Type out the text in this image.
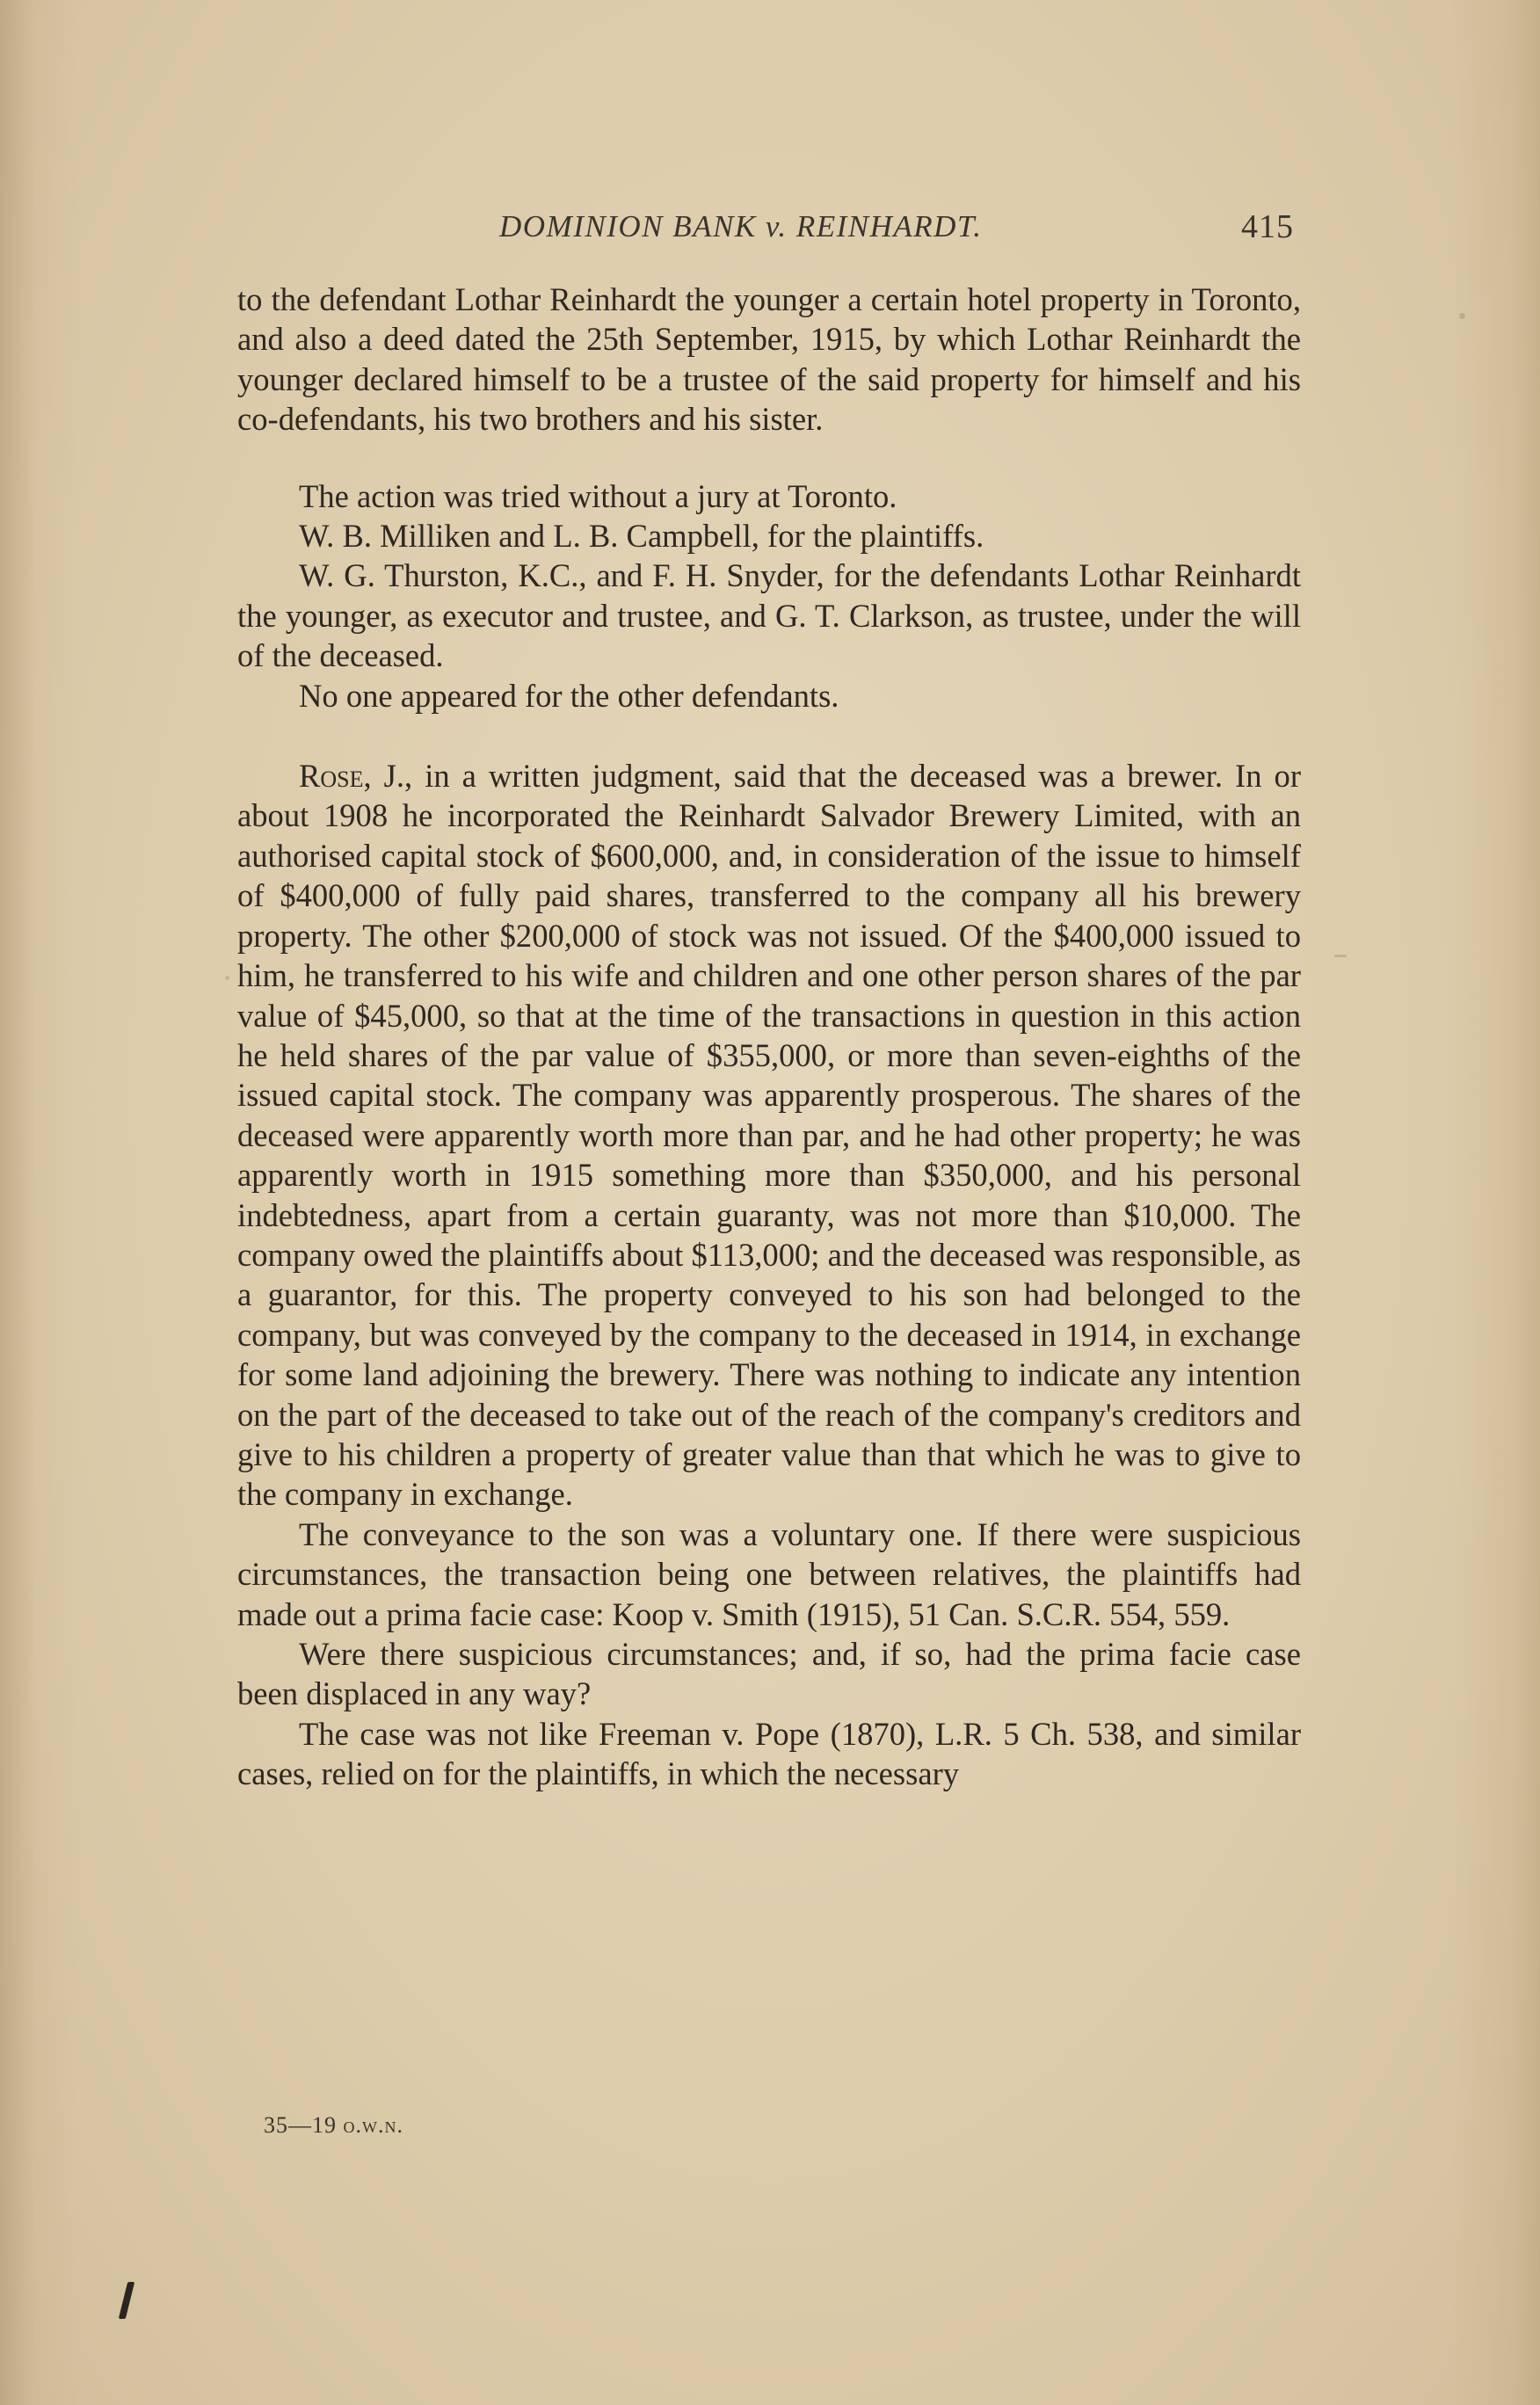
DOMINION BANK v. REINHARDT.	415

to the defendant Lothar Reinhardt the younger a certain hotel property in Toronto, and also a deed dated the 25th September, 1915, by which Lothar Reinhardt the younger declared himself to be a trustee of the said property for himself and his co-defendants, his two brothers and his sister.

The action was tried without a jury at Toronto.

W. B. Milliken and L. B. Campbell, for the plaintiffs.

W. G. Thurston, K.C., and F. H. Snyder, for the defendants Lothar Reinhardt the younger, as executor and trustee, and G. T. Clarkson, as trustee, under the will of the deceased.

No one appeared for the other defendants.

Rose, J., in a written judgment, said that the deceased was a brewer. In or about 1908 he incorporated the Reinhardt Salvador Brewery Limited, with an authorised capital stock of $600,000, and, in consideration of the issue to himself of $400,000 of fully paid shares, transferred to the company all his brewery property. The other $200,000 of stock was not issued. Of the $400,000 issued to him, he transferred to his wife and children and one other person shares of the par value of $45,000, so that at the time of the transactions in question in this action he held shares of the par value of $355,000, or more than seven-eighths of the issued capital stock. The company was apparently prosperous. The shares of the deceased were apparently worth more than par, and he had other property; he was apparently worth in 1915 something more than $350,000, and his personal indebtedness, apart from a certain guaranty, was not more than $10,000. The company owed the plaintiffs about $113,000; and the deceased was responsible, as a guarantor, for this. The property conveyed to his son had belonged to the company, but was conveyed by the company to the deceased in 1914, in exchange for some land adjoining the brewery. There was nothing to indicate any intention on the part of the deceased to take out of the reach of the company's creditors and give to his children a property of greater value than that which he was to give to the company in exchange.

The conveyance to the son was a voluntary one. If there were suspicious circumstances, the transaction being one between relatives, the plaintiffs had made out a prima facie case: Koop v. Smith (1915), 51 Can. S.C.R. 554, 559.

Were there suspicious circumstances; and, if so, had the prima facie case been displaced in any way?

The case was not like Freeman v. Pope (1870), L.R. 5 Ch. 538, and similar cases, relied on for the plaintiffs, in which the necessary

35—19 o.w.n.
